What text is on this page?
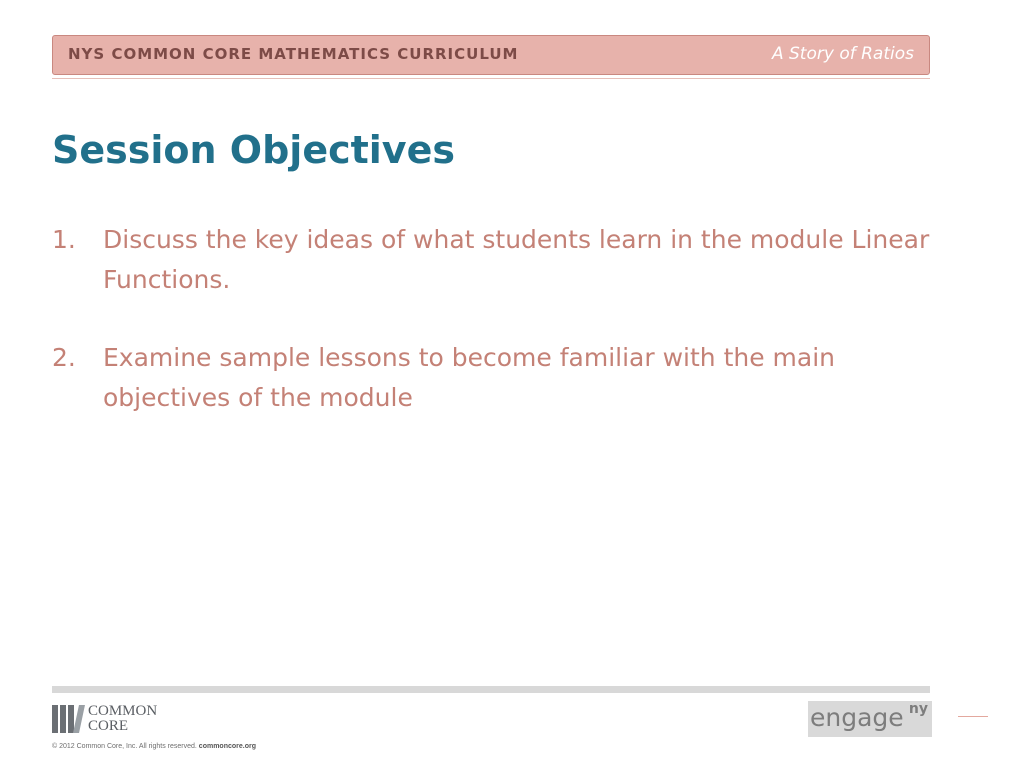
NYS COMMON CORE MATHEMATICS CURRICULUM	A Story of Ratios
Session Objectives
1. Discuss the key ideas of what students learn in the module Linear Functions.
2. Examine sample lessons to become familiar with the main objectives of the module
COMMON
CORE
© 2012 Common Core, Inc. All rights reserved. commoncore.org
engage ny
